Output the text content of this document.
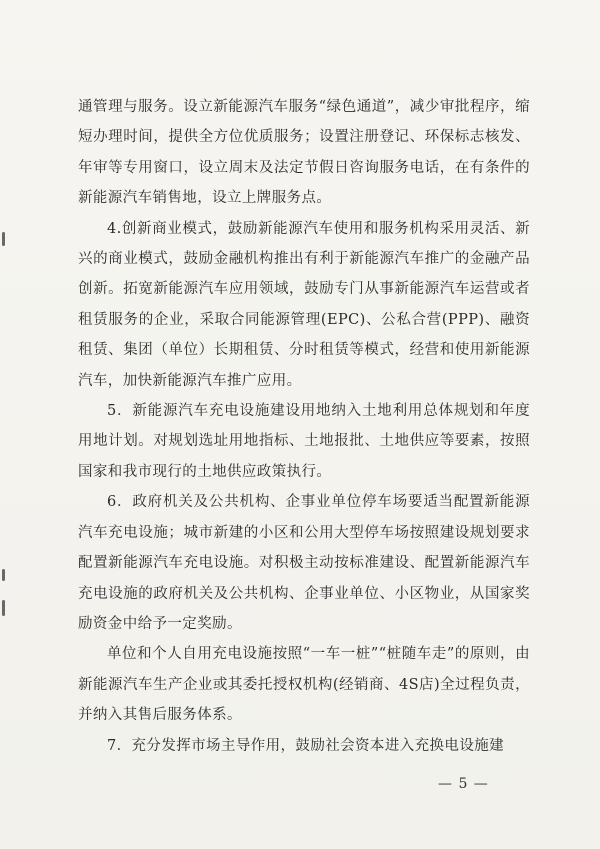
通管理与服务。设立新能源汽车服务“绿色通道”，减少审批程序，缩短办理时间，提供全方位优质服务；设置注册登记、环保标志核发、年审等专用窗口，设立周末及法定节假日咨询服务电话，在有条件的新能源汽车销售地，设立上牌服务点。

4.创新商业模式，鼓励新能源汽车使用和服务机构采用灵活、新兴的商业模式，鼓励金融机构推出有利于新能源汽车推广的金融产品创新。拓宽新能源汽车应用领域，鼓励专门从事新能源汽车运营或者租赁服务的企业，采取合同能源管理(EPC)、公私合营(PPP)、融资租赁、集团（单位）长期租赁、分时租赁等模式，经营和使用新能源汽车，加快新能源汽车推广应用。

5．新能源汽车充电设施建设用地纳入土地利用总体规划和年度用地计划。对规划选址用地指标、土地报批、土地供应等要素，按照国家和我市现行的土地供应政策执行。

6．政府机关及公共机构、企事业单位停车场要适当配置新能源汽车充电设施；城市新建的小区和公用大型停车场按照建设规划要求配置新能源汽车充电设施。对积极主动按标准建设、配置新能源汽车充电设施的政府机关及公共机构、企事业单位、小区物业，从国家奖励资金中给予一定奖励。

单位和个人自用充电设施按照“一车一桩”“桩随车走”的原则，由新能源汽车生产企业或其委托授权机构(经销商、4S店)全过程负责，并纳入其售后服务体系。

7．充分发挥市场主导作用，鼓励社会资本进入充换电设施建

— 5 —
